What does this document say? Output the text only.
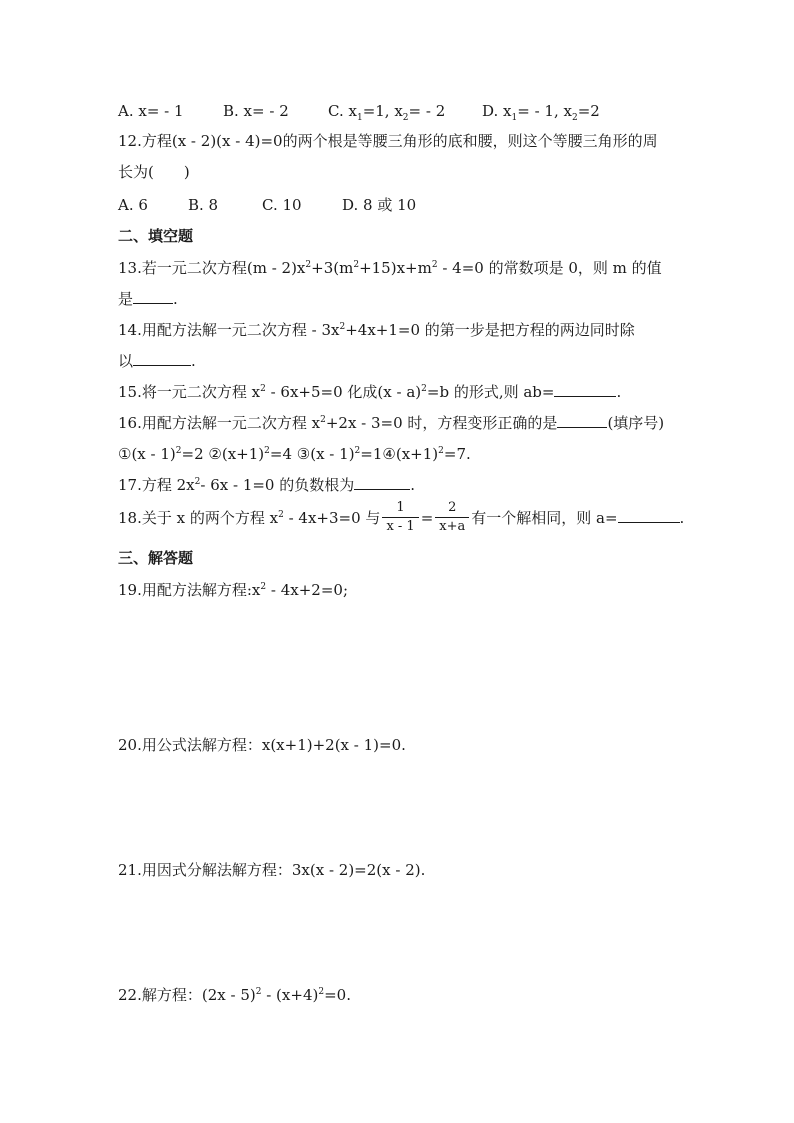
A. x= - 1	B. x= - 2	C. $x_1=1$, $x_2= - 2$ D. $x_1= - 1$, $x_2=2$
12.方程(x - 2)(x - 4)=0的两个根是等腰三角形的底和腰，则这个等腰三角形的周
长为(　　)
A. 6	B. 8	C. 10	D. 8 或 10
二、填空题
13.若一元二次方程$(m - 2)x^2+3(m^2+15)x+m^2 - 4=0$ 的常数项是 0，则 m 的值
是	.
14.用配方法解一元二次方程 - $3x^2+4x+1=0$ 的第一步是把方程的两边同时除
以	.
15.将一元二次方程 $x^2 - 6x+5=0$ 化成(x - a)$^2$=b 的形式,则 ab=	.
16.用配方法解一元二次方程 $x^2+2x - 3=0$ 时，方程变形正确的是	(填序号)
①(x - 1)$^2$=2 $②(x+1)^2=4$ ③(x - $1)^2=1④(x+1)^2=7$.
17.方程 $2x^2-$ 6x - 1=0 的负数根为	.
18.关于 x 的两个方程 $x^2 - 4x+3=0$ 与 $\frac{1}{x - 1} = \frac{2}{x+a}$ 有一个解相同，则 a=	.
三、解答题
19.用配方法解方程$:x^2 - 4x+2=0$;
20.用公式法解方程：x(x+1)+2(x - 1)=0.
21.用因式分解法解方程：3x(x - 2)=2(x - 2).
22.解方程：$(2x - 5)^2 - (x+4)^2=0$.
